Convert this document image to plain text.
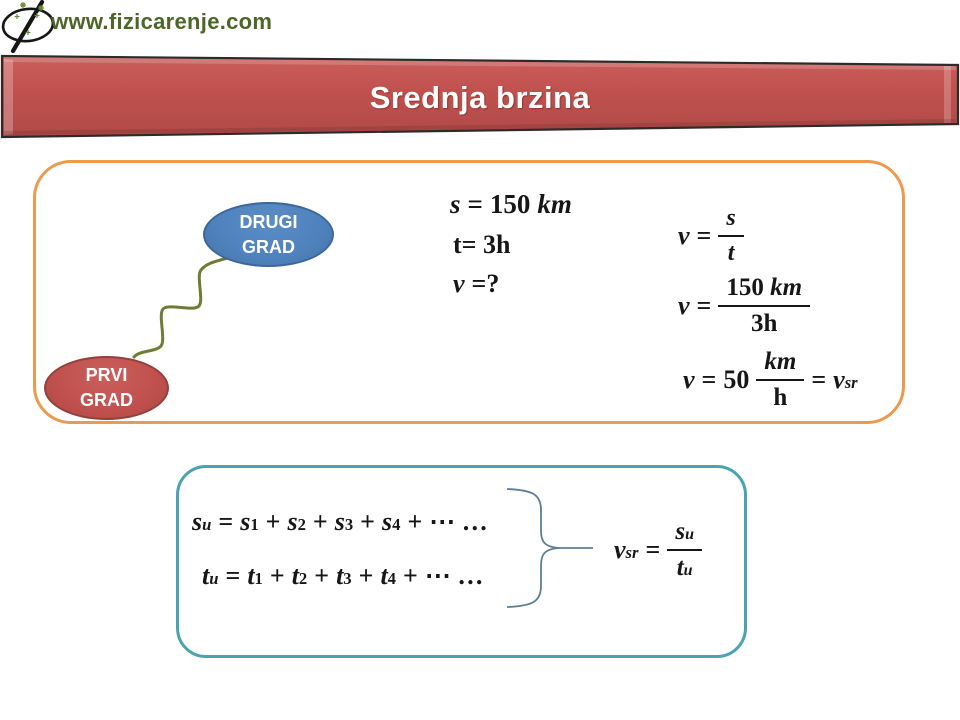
www.fizicarenje.com
Srednja brzina
DRUGI
GRAD
PRVI
GRAD
s = 150 km
t= 3h
v =?
$v = \frac{s}{t}$
$v = \frac{150 km}{3h}$
$v = 50 \frac{km}{h} = v_{sr}$
$s_u = s_1 + s_2 + s_3 + s_4$ + ⋯ …
$t_u = t_1 + t_2 + t_3 + t_4$ + ⋯ …
$v_{sr} = \frac{s_u}{t_u}$
